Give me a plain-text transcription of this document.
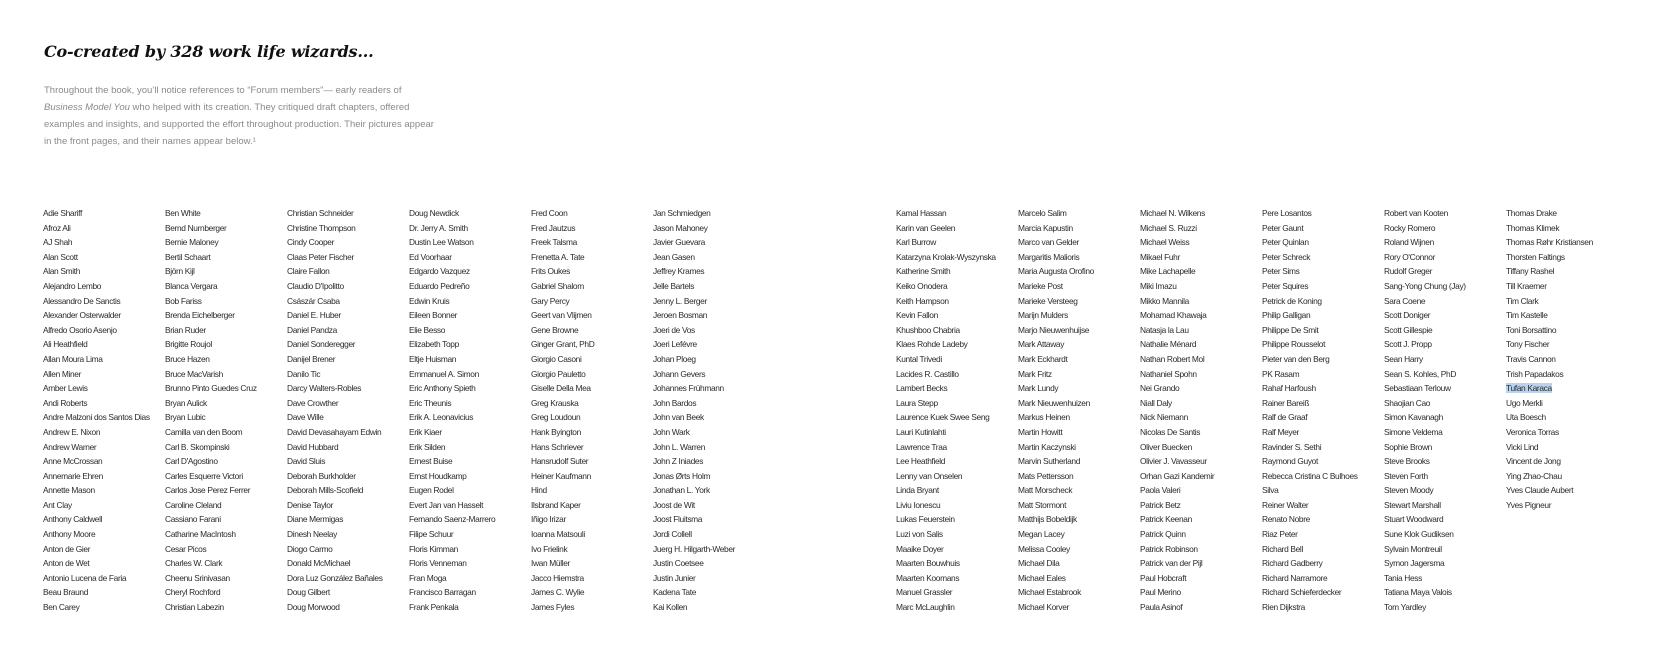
Co-created by 328 work life wizards...
Throughout the book, you’ll notice references to “Forum members”— early readers of Business Model You who helped with its creation. They critiqued draft chapters, offered examples and insights, and supported the effort throughout production. Their pictures appear in the front pages, and their names appear below.¹
Adie Shariff
Afroz Ali
AJ Shah
Alan Scott
Alan Smith
Alejandro Lembo
Alessandro De Sanctis
Alexander Osterwalder
Alfredo Osorio Asenjo
Ali Heathfield
Allan Moura Lima
Allen Miner
Amber Lewis
Andi Roberts
Andre Malzoni dos Santos Dias
Andrew E. Nixon
Andrew Warner
Anne McCrossan
Annemarie Ehren
Annette Mason
Ant Clay
Anthony Caldwell
Anthony Moore
Anton de Gier
Anton de Wet
Antonio Lucena de Faria
Beau Braund
Ben Carey
Ben White
Bernd Nurnberger
Bernie Maloney
Bertil Schaart
Björn Kijl
Blanca Vergara
Bob Fariss
Brenda Eichelberger
Brian Ruder
Brigitte Roujol
Bruce Hazen
Bruce MacVarish
Brunno Pinto Guedes Cruz
Bryan Aulick
Bryan Lubic
Camilla van den Boom
Carl B. Skompinski
Carl D'Agostino
Carles Esquerre Victori
Carlos Jose Perez Ferrer
Caroline Cleland
Cassiano Farani
Catharine MacIntosh
Cesar Picos
Charles W. Clark
Cheenu Srinivasan
Cheryl Rochford
Christian Labezin
Christian Schneider
Christine Thompson
Cindy Cooper
Claas Peter Fischer
Claire Fallon
Claudio D'Ipolitto
Császár Csaba
Daniel E. Huber
Daniel Pandza
Daniel Sonderegger
Danijel Brener
Danilo Tic
Darcy Walters-Robles
Dave Crowther
Dave Wille
David Devasahayam Edwin
David Hubbard
David Sluis
Deborah Burkholder
Deborah Mills-Scofield
Denise Taylor
Diane Mermigas
Dinesh Neelay
Diogo Carmo
Donald McMichael
Dora Luz González Bañales
Doug Gilbert
Doug Morwood
Doug Newdick
Dr. Jerry A. Smith
Dustin Lee Watson
Ed Voorhaar
Edgardo Vazquez
Eduardo Pedreño
Edwin Kruis
Eileen Bonner
Elie Besso
Elizabeth Topp
Eltje Huisman
Emmanuel A. Simon
Eric Anthony Spieth
Eric Theunis
Erik A. Leonavicius
Erik Kiaer
Erik Silden
Ernest Buise
Ernst Houdkamp
Eugen Rodel
Evert Jan van Hasselt
Fernando Saenz-Marrero
Filipe Schuur
Floris Kimman
Floris Venneman
Fran Moga
Francisco Barragan
Frank Penkala
Fred Coon
Fred Jautzus
Freek Talsma
Frenetta A. Tate
Frits Oukes
Gabriel Shalom
Gary Percy
Geert van Vlijmen
Gene Browne
Ginger Grant, PhD
Giorgio Casoni
Giorgio Pauletto
Giselle Della Mea
Greg Krauska
Greg Loudoun
Hank Byington
Hans Schriever
Hansrudolf Suter
Heiner Kaufmann
Hind
Ilsbrand Kaper
Iñigo Irizar
Ioanna Matsouli
Ivo Frielink
Iwan Müller
Jacco Hiemstra
James C. Wylie
James Fyles
Jan Schmiedgen
Jason Mahoney
Javier Guevara
Jean Gasen
Jeffrey Krames
Jelle Bartels
Jenny L. Berger
Jeroen Bosman
Joeri de Vos
Joeri Lefévre
Johan Ploeg
Johann Gevers
Johannes Frühmann
John Bardos
John van Beek
John Wark
John L. Warren
John Z Iniades
Jonas Ørts Holm
Jonathan L. York
Joost de Wit
Joost Fluitsma
Jordi Collell
Juerg H. Hilgarth-Weber
Justin Coetsee
Justin Junier
Kadena Tate
Kai Kollen
Kamal Hassan
Karin van Geelen
Karl Burrow
Katarzyna Krolak-Wyszynska
Katherine Smith
Keiko Onodera
Keith Hampson
Kevin Fallon
Khushboo Chabria
Klaes Rohde Ladeby
Kuntal Trivedi
Lacides R. Castillo
Lambert Becks
Laura Stepp
Laurence Kuek Swee Seng
Lauri Kutinlahti
Lawrence Traa
Lee Heathfield
Lenny van Onselen
Linda Bryant
Liviu Ionescu
Lukas Feuerstein
Luzi von Salis
Maaike Doyer
Maarten Bouwhuis
Maarten Koomans
Manuel Grassler
Marc McLaughlin
Marcelo Salim
Marcia Kapustin
Marco van Gelder
Margaritis Malioris
Maria Augusta Orofino
Marieke Post
Marieke Versteeg
Marijn Mulders
Marjo Nieuwenhuijse
Mark Attaway
Mark Eckhardt
Mark Fritz
Mark Lundy
Mark Nieuwenhuizen
Markus Heinen
Martin Howitt
Martin Kaczynski
Marvin Sutherland
Mats Pettersson
Matt Morscheck
Matt Stormont
Matthijs Bobeldijk
Megan Lacey
Melissa Cooley
Michael Dila
Michael Eales
Michael Estabrook
Michael Korver
Michael N. Wilkens
Michael S. Ruzzi
Michael Weiss
Mikael Fuhr
Mike Lachapelle
Miki Imazu
Mikko Mannila
Mohamad Khawaja
Natasja la Lau
Nathalie Ménard
Nathan Robert Mol
Nathaniel Spohn
Nei Grando
Niall Daly
Nick Niemann
Nicolas De Santis
Oliver Buecken
Olivier J. Vavasseur
Orhan Gazi Kandemir
Paola Valeri
Patrick Betz
Patrick Keenan
Patrick Quinn
Patrick Robinson
Patrick van der Pijl
Paul Hobcraft
Paul Merino
Paula Asinof
Pere Losantos
Peter Gaunt
Peter Quinlan
Peter Schreck
Peter Sims
Peter Squires
Petrick de Koning
Philip Galligan
Philippe De Smit
Philippe Rousselot
Pieter van den Berg
PK Rasam
Rahaf Harfoush
Rainer Bareiß
Ralf de Graaf
Ralf Meyer
Ravinder S. Sethi
Raymond Guyot
Rebecca Cristina C Bulhoes
Silva
Reiner Walter
Renato Nobre
Riaz Peter
Richard Bell
Richard Gadberry
Richard Narramore
Richard Schieferdecker
Rien Dijkstra
Robert van Kooten
Rocky Romero
Roland Wijnen
Rory O'Connor
Rudolf Greger
Sang-Yong Chung (Jay)
Sara Coene
Scott Doniger
Scott Gillespie
Scott J. Propp
Sean Harry
Sean S. Kohles, PhD
Sebastiaan Terlouw
Shaojian Cao
Simon Kavanagh
Simone Veldema
Sophie Brown
Steve Brooks
Steven Forth
Steven Moody
Stewart Marshall
Stuart Woodward
Sune Klok Gudiksen
Sylvain Montreuil
Symon Jagersma
Tania Hess
Tatiana Maya Valois
Tom Yardley
Thomas Drake
Thomas Klimek
Thomas Røhr Kristiansen
Thorsten Faltings
Tiffany Rashel
Till Kraemer
Tim Clark
Tim Kastelle
Toni Borsattino
Tony Fischer
Travis Cannon
Trish Papadakos
Tufan Karaca
Ugo Merkli
Uta Boesch
Veronica Torras
Vicki Lind
Vincent de Jong
Ying Zhao-Chau
Yves Claude Aubert
Yves Pigneur
